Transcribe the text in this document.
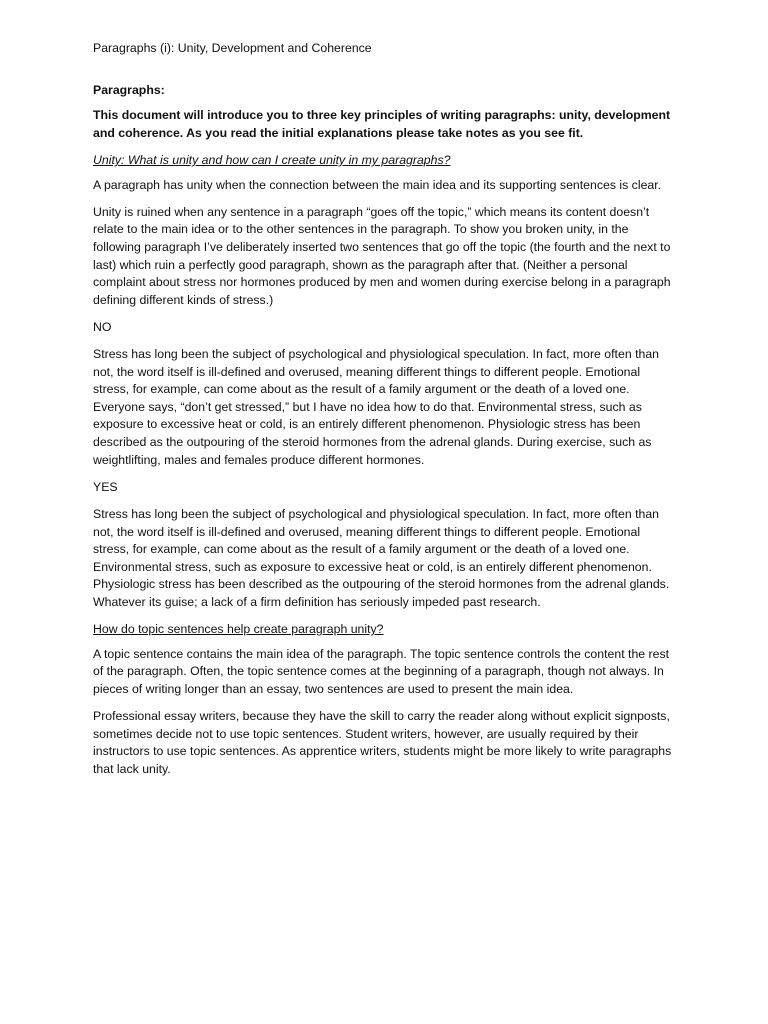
Paragraphs (i): Unity, Development and Coherence

Paragraphs:

This document will introduce you to three key principles of writing paragraphs: unity, development and coherence. As you read the initial explanations please take notes as you see fit.

Unity: What is unity and how can I create unity in my paragraphs?

A paragraph has unity when the connection between the main idea and its supporting sentences is clear.

Unity is ruined when any sentence in a paragraph “goes off the topic,” which means its content doesn’t relate to the main idea or to the other sentences in the paragraph. To show you broken unity, in the following paragraph I’ve deliberately inserted two sentences that go off the topic (the fourth and the next to last) which ruin a perfectly good paragraph, shown as the paragraph after that. (Neither a personal complaint about stress nor hormones produced by men and women during exercise belong in a paragraph defining different kinds of stress.)

NO

Stress has long been the subject of psychological and physiological speculation. In fact, more often than not, the word itself is ill-defined and overused, meaning different things to different people. Emotional stress, for example, can come about as the result of a family argument or the death of a loved one. Everyone says, “don’t get stressed,” but I have no idea how to do that. Environmental stress, such as exposure to excessive heat or cold, is an entirely different phenomenon. Physiologic stress has been described as the outpouring of the steroid hormones from the adrenal glands. During exercise, such as weightlifting, males and females produce different hormones.

YES

Stress has long been the subject of psychological and physiological speculation. In fact, more often than not, the word itself is ill-defined and overused, meaning different things to different people. Emotional stress, for example, can come about as the result of a family argument or the death of a loved one. Environmental stress, such as exposure to excessive heat or cold, is an entirely different phenomenon. Physiologic stress has been described as the outpouring of the steroid hormones from the adrenal glands. Whatever its guise; a lack of a firm definition has seriously impeded past research.

How do topic sentences help create paragraph unity?

A topic sentence contains the main idea of the paragraph. The topic sentence controls the content the rest of the paragraph. Often, the topic sentence comes at the beginning of a paragraph, though not always. In pieces of writing longer than an essay, two sentences are used to present the main idea.

Professional essay writers, because they have the skill to carry the reader along without explicit signposts, sometimes decide not to use topic sentences. Student writers, however, are usually required by their instructors to use topic sentences. As apprentice writers, students might be more likely to write paragraphs that lack unity.
